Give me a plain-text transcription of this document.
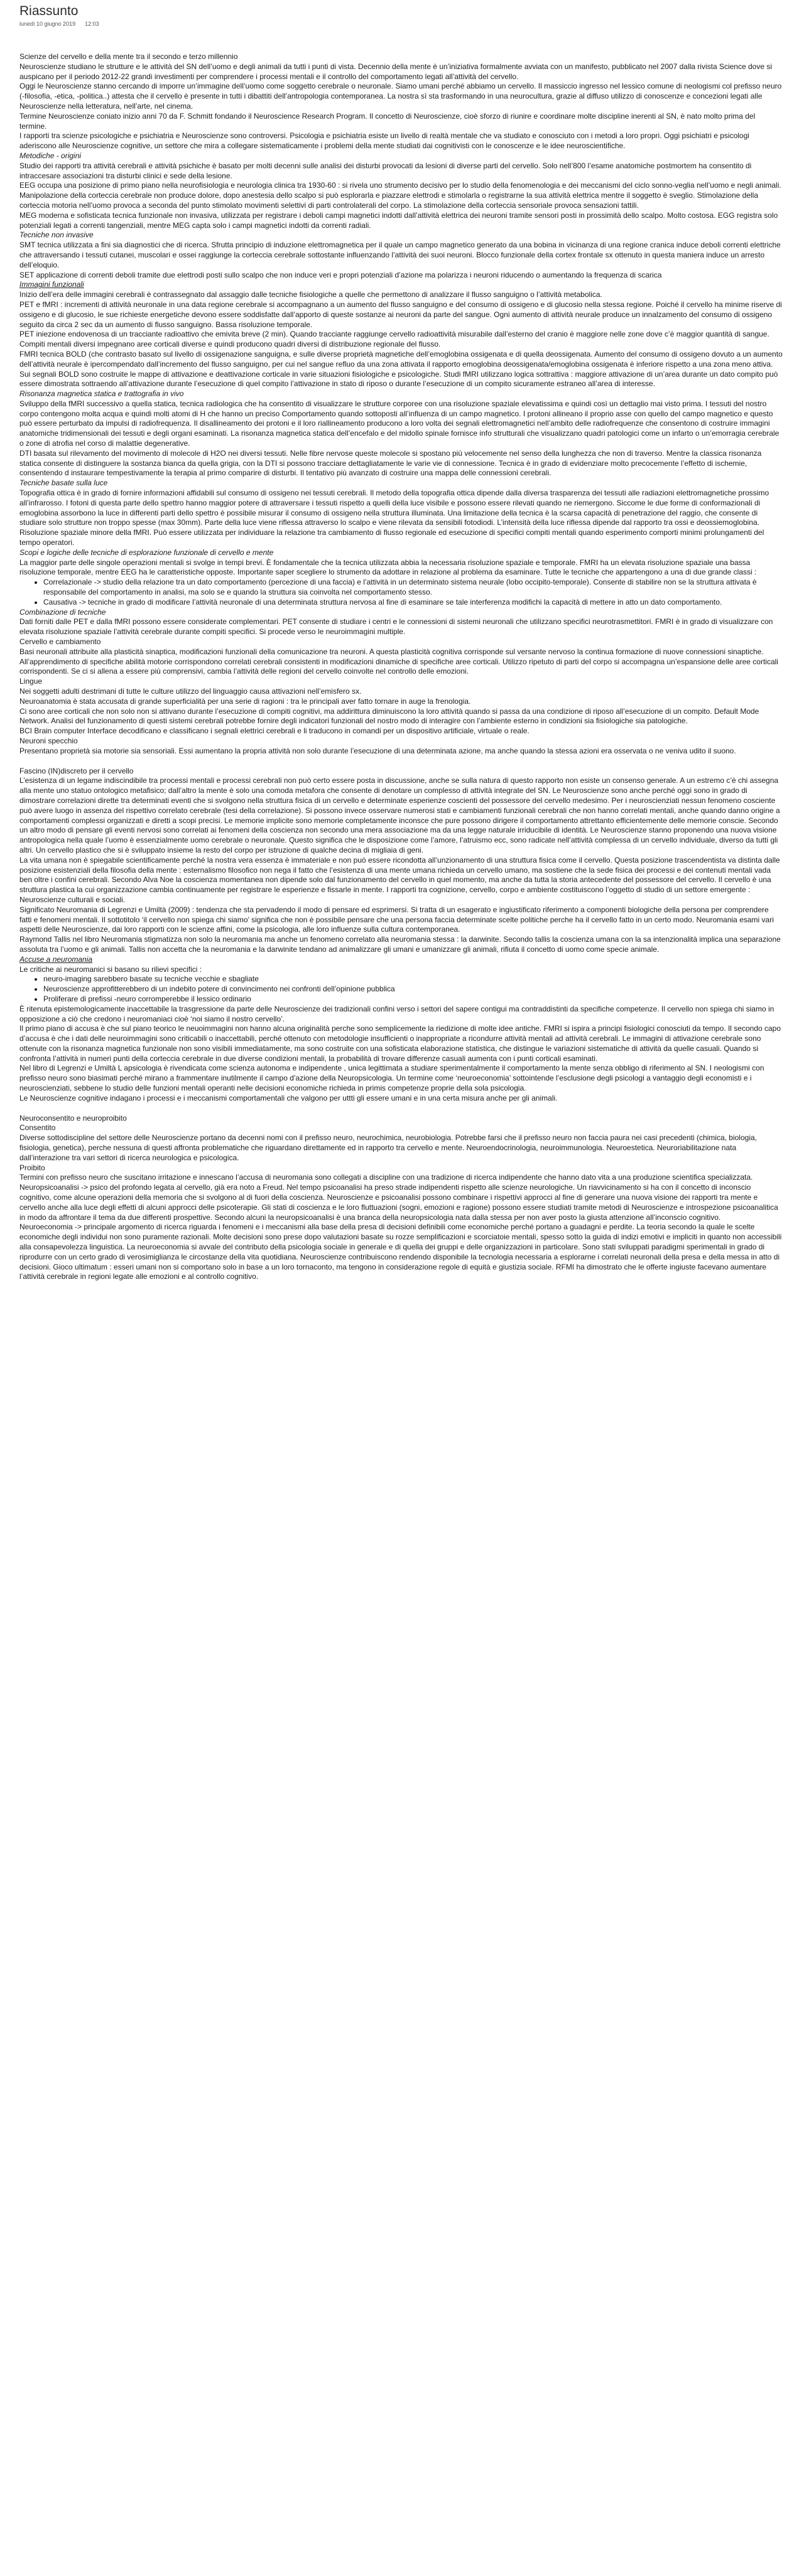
Riassunto
lunedì 10 giugno 2019 12:03

Scienze del cervello e della mente tra il secondo e terzo millennio

Neuroscienze studiano le strutture e le attività del SN dell’uomo e degli animali da tutti i punti di vista. Decennio della mente è un’iniziativa formalmente avviata con un manifesto, pubblicato nel 2007 dalla rivista Science dove si auspicano per il periodo 2012-22 grandi investimenti per comprendere i processi mentali e il controllo del comportamento legati all’attività del cervello.

Oggi le Neuroscienze stanno cercando di imporre un’immagine dell’uomo come soggetto cerebrale o neuronale. Siamo umani perché abbiamo un cervello. Il massiccio ingresso nel lessico comune di neologismi col prefisso neuro (-filosofia, -etica, -politica..) attesta che il cervello è presente in tutti i dibattiti dell’antropologia contemporanea. La nostra sì sta trasformando in una neurocultura, grazie al diffuso utilizzo di conoscenze e concezioni legati alle Neuroscienze nella letteratura, nell’arte, nel cinema.

Termine Neuroscienze coniato inizio anni 70 da F. Schmitt fondando il Neuroscience Research Program. Il concetto di Neuroscienze, cioè sforzo di riunire e coordinare molte discipline inerenti al SN, è nato molto prima del termine.

I rapporti tra scienze psicologiche e psichiatria e Neuroscienze sono controversi. Psicologia e psichiatria esiste un livello di realtà mentale che va studiato e conosciuto con i metodi a loro propri. Oggi psichiatri e psicologi aderiscono alle Neuroscienze cognitive, un settore che mira a collegare sistematicamente i problemi della mente studiati dai cognitivisti con le conoscenze e le idee neuroscientifiche.

Metodiche - origini

Studio dei rapporti tra attività cerebrali e attività psichiche è basato per molti decenni sulle analisi dei disturbi provocati da lesioni di diverse parti del cervello. Solo nell’800 l’esame anatomiche postmortem ha consentito di intraccesare associazioni tra disturbi clinici e sede della lesione.

EEG occupa una posizione di primo piano nella neurofisiologia e neurologia clinica tra 1930-60 : si rivela uno strumento decisivo per lo studio della fenomenologia e dei meccanismi del ciclo sonno-veglia nell’uomo e negli animali. Manipolazione della corteccia cerebrale non produce dolore, dopo anestesia dello scalpo si può esplorarla e piazzare elettrodi e stimolarla o registrarne la sua attività elettrica mentre il soggetto è sveglio. Stimolazione della corteccia motoria nell’uomo provoca a seconda del punto stimolato movimenti selettivi di parti controlaterali del corpo. La stimolazione della corteccia sensoriale provoca sensazioni tattili.

MEG moderna e sofisticata tecnica funzionale non invasiva, utilizzata per registrare i deboli campi magnetici indotti dall’attività elettrica dei neuroni tramite sensori posti in prossimità dello scalpo. Molto costosa. EGG registra solo potenziali legati a correnti tangenziali, mentre MEG capta solo i campi magnetici indotti da correnti radiali.

Tecniche non invasive

SMT tecnica utilizzata a fini sia diagnostici che di ricerca. Sfrutta principio di induzione elettromagnetica per il quale un campo magnetico generato da una bobina in vicinanza di una regione cranica induce deboli correnti elettriche che attraversando i tessuti cutanei, muscolari e ossei raggiunge la corteccia cerebrale sottostante influenzando l’attività dei suoi neuroni. Blocco funzionale della cortex frontale sx ottenuto in questa maniera induce un arresto dell’eloquio.

SET applicazione di correnti deboli tramite due elettrodi posti sullo scalpo che non induce veri e propri potenziali d’azione ma polarizza i neuroni riducendo o aumentando la frequenza di scarica

Immagini funzionali

Inizio dell’era delle immagini cerebrali è contrassegnato dal assaggio dalle tecniche fisiologiche a quelle che permettono di analizzare il flusso sanguigno o l’attività metabolica.

PET e fMRI : incrementi di attività neuronale in una data regione cerebrale si accompagnano a un aumento del flusso sanguigno e del consumo di ossigeno e di glucosio nella stessa regione. Poiché il cervello ha minime riserve di ossigeno e di glucosio, le sue richieste energetiche devono essere soddisfatte dall’apporto di queste sostanze ai neuroni da parte del sangue. Ogni aumento di attività neurale produce un innalzamento del consumo di ossigeno seguito da circa 2 sec da un aumento di flusso sanguigno. Bassa risoluzione temporale.

PET iniezione endovenosa di un tracciante radioattivo che emivita breve (2 min). Quando tracciante raggiunge cervello radioattività misurabile dall’esterno del cranio è maggiore nelle zone dove c’è maggior quantità di sangue. Compiti mentali diversi impegnano aree corticali diverse e quindi producono quadri diversi di distribuzione regionale del flusso.

FMRI tecnica BOLD (che contrasto basato sul livello di ossigenazione sanguigna, e sulle diverse proprietà magnetiche dell’emoglobina ossigenata e di quella deossigenata. Aumento del consumo di ossigeno dovuto a un aumento dell’attività neurale è ipercompendato dall’incremento del flusso sanguigno, per cui nel sangue refluo da una zona attivata il rapporto emoglobina deossigenata/emoglobina ossigenata è inferiore rispetto a una zona meno attiva. Sui segnali BOLD sono costruite le mappe di attivazione e deattivazione corticale in varie situazioni fisiologiche e psicologiche. Studi fMRI utilizzano logica sottrattiva : maggiore attivazione di un’area durante un dato compito può essere dimostrata sottraendo all’attivazione durante l’esecuzione di quel compito l’attivazione in stato di riposo o durante l’esecuzione di un compito sicuramente estraneo all’area di interesse.

Risonanza magnetica statica e trattografia in vivo

Sviluppo della fMRI successivo a quella statica, tecnica radiologica che ha consentito di visualizzare le strutture corporee con una risoluzione spaziale elevatissima e quindi così un dettaglio mai visto prima. I tessuti del nostro corpo contengono molta acqua e quindi molti atomi di H che hanno un preciso Comportamento quando sottoposti all’influenza di un campo magnetico. I protoni allineano il proprio asse con quello del campo magnetico e questo può essere perturbato da impulsi di radiofrequenza. Il disallineamento dei protoni e il loro riallineamento producono a loro volta dei segnali elettromagnetici nell’ambito delle radiofrequenze che consentono di costruire immagini anatomiche tridimensionali dei tessuti e degli organi esaminati. La risonanza magnetica statica dell’encefalo e del midollo spinale fornisce info strutturali che visualizzano quadri patologici come un infarto o un’emorragia cerebrale o zone di atrofia nel corso di malattie degenerative.

DTI basata sul rilevamento del movimento di molecole di H2O nei diversi tessuti. Nelle fibre nervose queste molecole si spostano più velocemente nel senso della lunghezza che non di traverso. Mentre la classica risonanza statica consente di distinguere la sostanza bianca da quella grigia, con la DTI si possono tracciare dettagliatamente le varie vie di connessione. Tecnica è in grado di evidenziare molto precocemente l’effetto di ischemie, consentendo d instaurare tempestivamente la terapia al primo comparire di disturbi. Il tentativo più avanzato di costruire una mappa delle connessioni cerebrali.

Tecniche basate sulla luce

Topografia ottica è in grado di fornire informazioni affidabili sul consumo di ossigeno nei tessuti cerebrali. Il metodo della topografia ottica dipende dalla diversa trasparenza dei tessuti alle radiazioni elettromagnetiche prossimo all’infrarosso. I fotoni di questa parte dello spettro hanno maggior potere di attraversare i tessuti rispetto a quelli della luce visibile e possono essere rilevati quando ne riemergono. Siccome le due forme di conformazionali di emoglobina assorbono la luce in differenti parti dello spettro è possibile misurar il consumo di ossigeno nella struttura illuminata. Una limitazione della tecnica è la scarsa capacità di penetrazione del raggio, che consente di studiare solo strutture non troppo spesse (max 30mm). Parte della luce viene riflessa attraverso lo scalpo e viene rilevata da sensibili fotodiodi. L’intensità della luce riflessa dipende dal rapporto tra ossi e deossiemoglobina. Risoluzione spaziale minore della fMRI. Può essere utilizzata per individuare la relazione tra cambiamento di flusso regionale ed esecuzione di specifici compiti mentali quando esperimento comporti minimi prolungamenti del tempo operatori.

Scopi e logiche delle tecniche di esplorazione funzionale di cervello e mente

La maggior parte delle singole operazioni mentali si svolge in tempi brevi. È fondamentale che la tecnica utilizzata abbia la necessaria risoluzione spaziale e temporale. FMRI ha un elevata risoluzione spaziale una bassa risoluzione temporale, mentre EEG ha le caratteristiche opposte. Importante saper scegliere lo strumento da adottare in relazione al problema da esaminare. Tutte le tecniche che appartengono a una di due grande classi :

• Correlazionale -> studio della relazione tra un dato comportamento (percezione di una faccia) e l’attività in un determinato sistema neurale (lobo occipito-temporale). Consente di stabilire non se la struttura attivata è responsabile del comportamento in analisi, ma solo se e quando la struttura sia coinvolta nel comportamento stesso.
• Causativa -> tecniche in grado di modificare l’attività neuronale di una determinata struttura nervosa al fine di esaminare se tale interferenza modifichi la capacità di mettere in atto un dato comportamento.

Combinazione di tecniche

Dati forniti dalle PET e dalla fMRI possono essere considerate complementari. PET consente di studiare i centri e le connessioni di sistemi neuronali che utilizzano specifici neurotrasmettitori. FMRI è in grado di visualizzare con elevata risoluzione spaziale l’attività cerebrale durante compiti specifici. Si procede verso le neuroimmagini multiple.

Cervello e cambiamento

Basi neuronali attribuite alla plasticità sinaptica, modificazioni funzionali della comunicazione tra neuroni. A questa plasticità cognitiva corrisponde sul versante nervoso la continua formazione di nuove connessioni sinaptiche. All’apprendimento di specifiche abilità motorie corrispondono correlati cerebrali consistenti in modificazioni dinamiche di specifiche aree corticali. Utilizzo ripetuto di parti del corpo si accompagna un’espansione delle aree corticali corrispondenti. Se ci si allena a essere più comprensivi, cambia l’attività delle regioni del cervello coinvolte nel controllo delle emozioni.

Lingue

Nei soggetti adulti destrimani di tutte le culture utilizzo del linguaggio causa attivazioni nell’emisfero sx.

Neuroanatomia è stata accusata di grande superficialità per una serie di ragioni : tra le principali aver fatto tornare in auge la frenologia.

Ci sono aree corticali che non solo non si attivano durante l’esecuzione di compiti cognitivi, ma addirittura diminuiscono la loro attività quando si passa da una condizione di riposo all’esecuzione di un compito. Default Mode Network. Analisi del funzionamento di questi sistemi cerebrali potrebbe fornire degli indicatori funzionali del nostro modo di interagire con l’ambiente esterno in condizioni sia fisiologiche sia patologiche.

BCI Brain computer Interface decodificano e classificano i segnali elettrici cerebrali e li traducono in comandi per un dispositivo artificiale, virtuale o reale.

Neuroni specchio

Presentano proprietà sia motorie sia sensoriali. Essi aumentano la propria attività non solo durante l’esecuzione di una determinata azione, ma anche quando la stessa azioni era osservata o ne veniva udito il suono.

Fascino (IN)discreto per il cervello

L’esistenza di un legame indiscindibile tra processi mentali e processi cerebrali non può certo essere posta in discussione, anche se sulla natura di questo rapporto non esiste un consenso generale. A un estremo c’è chi assegna alla mente uno statuo ontologico metafisico; dall’altro la mente è solo una comoda metafora che consente di denotare un complesso di attività integrate del SN. Le Neuroscienze sono anche perché oggi sono in grado di dimostrare correlazioni dirette tra determinati eventi che si svolgono nella struttura fisica di un cervello e determinate esperienze coscienti del possessore del cervello medesimo. Per i neuroscienziati nessun fenomeno cosciente può avere luogo in assenza del rispettivo correlato cerebrale (tesi della correlazione). Si possono invece osservare numerosi stati e cambiamenti funzionali cerebrali che non hanno correlati mentali, anche quando danno origine a comportamenti complessi organizzati e diretti a scopi precisi. Le memorie implicite sono memorie completamente inconsce che pure possono dirigere il comportamento attrettanto efficientemente delle memorie conscie. Secondo un altro modo di pensare gli eventi nervosi sono correlati ai fenomeni della coscienza non secondo una mera associazione ma da una legge naturale irriducibile di identità. Le Neuroscienze stanno proponendo una nuova visione antropologica nella quale l’uomo è essenzialmente uomo cerebrale o neuronale. Questo significa che le disposizione come l’amore, l’atruismo ecc, sono radicate nell’attività complessa di un cervello individuale, diverso da tutti gli altri. Un cervello plastico che si è sviluppato insieme la resto del corpo per istruzione di qualche decina di migliaia di geni.

La vita umana non è spiegabile scientificamente perché la nostra vera essenza è immateriale e non può essere ricondotta all’unzionamento di una struttura fisica come il cervello. Questa posizione trascendentista va distinta dalle posizione esistenziali della filosofia della mente : esternalismo filosofico non nega il fatto che l’esistenza di una mente umana richieda un cervello umano, ma sostiene che la sede fisica dei processi e dei contenuti mentali vada ben oltre i confini cerebrali. Secondo Alva Noe la coscienza momentanea non dipende solo dal funzionamento del cervello in quel momento, ma anche da tutta la storia antecedente del possessore del cervello. Il cervello è una struttura plastica la cui organizzazione cambia continuamente per registrare le esperienze e fissarle in mente. I rapporti tra cognizione, cervello, corpo e ambiente costituiscono l’oggetto di studio di un settore emergente : Neuroscienze culturali e sociali.

Significato Neuromania di Legrenzi e Umiltà (2009) : tendenza che sta pervadendo il modo di pensare ed esprimersi. Si tratta di un esagerato e ingiustificato riferimento a componenti biologiche della persona per comprendere fatti e fenomeni mentali. Il sottotitolo ‘il cervello non spiega chi siamo’ significa che non è possibile pensare che una persona faccia determinate scelte politiche perche ha il cervello fatto in un certo modo. Neuromania esami vari aspetti delle Neuroscienze, dai loro rapporti con le scienze affini, come la psicologia, alle loro influenze sulla cultura contemporanea.

Raymond Tallis nel libro Neuromania stigmatizza non solo la neuromania ma anche un fenomeno correlato alla neuromania stessa : la darwinite. Secondo tallis la coscienza umana con la sa intenzionalità implica una separazione assoluta tra l’uomo e gli animali. Tallis non accetta che la neuromania e la darwinite tendano ad animalizzare gli umani e umanizzare gli animali, rifiuta il concetto di uomo come specie animale.

Accuse a neuromania

Le critiche ai neuromanici si basano su rilievi specifici :

• neuro-imaging sarebbero basate su tecniche vecchie e sbagliate
• Neuroscienze approfitterebbero di un indebito potere di convincimento nei confronti dell’opinione pubblica
• Proliferare di prefissi -neuro corromperebbe il lessico ordinario

È ritenuta epistemologicamente inaccettabile la trasgressione da parte delle Neuroscienze dei tradizionali confini verso i settori del sapere contigui ma contraddistinti da specifiche competenze. Il cervello non spiega chi siamo in opposizione a ciò che credono i neuromaniaci cioè ‘noi siamo il nostro cervello’.

Il primo piano di accusa è che sul piano teorico le neuoimmagini non hanno alcuna originalità perche sono semplicemente la riedizione di molte idee antiche. FMRI si ispira a principi fisiologici conosciuti da tempo. Il secondo capo d’accusa è che i dati delle neuroimmagini sono criticabili o inaccettabili, perché ottenuto con metodologie insufficienti o inappropriate a ricondurre attività mentali ad attività cerebrali. Le immagini di attivazione cerebrale sono ottenute con la risonanza magnetica funzionale non sono visibili immediatamente, ma sono costruite con una sofisticata elaborazione statistica, che distingue le variazioni sistematiche di attività da quelle casuali. Quando si confronta l’attività in numeri punti della corteccia cerebrale in due diverse condizioni mentali, la probabilità di trovare differenze casuali aumenta con i punti corticali esaminati.

Nel libro di Legrenzi e Umiltà L apsicologia è rivendicata come scienza autonoma e indipendente , unica legittimata a studiare sperimentalmente il comportamento la mente senza obbligo di riferimento al SN. I neologismi con prefisso neuro sono biasimati perché mirano a frammentare inutilmente il campo d’azione della Neuropsicologia. Un termine come ‘neuroeconomia’ sottointende l’esclusione degli psicologi a vantaggio degli economisti e i neuroscienziati, sebbene lo studio delle funzioni mentali operanti nelle decisioni economiche richieda in primis competenze proprie della sola psicologia.

Le Neuroscienze cognitive indagano i processi e i meccanismi comportamentali che valgono per uttti gli essere umani e in una certa misura anche per gli animali.

Neuroconsentito e neuroproibito

Consentito

Diverse sottodiscipline del settore delle Neuroscienze portano da decenni nomi con il prefisso neuro, neurochimica, neurobiologia. Potrebbe farsi che il prefisso neuro non faccia paura nei casi precedenti (chimica, biologia, fisiologia, genetica), perche nessuna di questi affronta problematiche che riguardano direttamente ed in rapporto tra cervello e mente. Neuroendocrinologia, neuroimmunologia. Neuroestetica. Neuroriabilitazione nata dall’interazione tra vari settori di ricerca neurologica e psicologica.

Proibito

Termini con prefisso neuro che suscitano irritazione e innescano l’accusa di neuromania sono collegati a discipline con una tradizione di ricerca indipendente che hanno dato vita a una produzione scientifica specializzata.

Neuropsicoanalisi -> psico del profondo legata al cervello, già era noto a Freud. Nel tempo psicoanalisi ha preso strade indipendenti rispetto alle scienze neurologiche. Un riavvicinamento si ha con il concetto di inconscio cognitivo, come alcune operazioni della memoria che si svolgono al di fuori della coscienza. Neuroscienze e psicoanalisi possono combinare i rispettivi approcci al fine di generare una nuova visione dei rapporti tra mente e cervello anche alla luce degli effetti di alcuni approcci delle psicoterapie. Gli stati di coscienza e le loro fluttuazioni (sogni, emozioni e ragione) possono essere studiati tramite metodi di Neuroscienze e introspezione psicoanalitica in modo da affrontare il tema da due differenti prospettive. Secondo alcuni la neuropsicoanalisi è una branca della neuropsicologia nata dalla stessa per non aver posto la giusta attenzione all’inconscio cognitivo.

Neuroeconomia -> principale argomento di ricerca riguarda i fenomeni e i meccanismi alla base della presa di decisioni definibili come economiche perché portano a guadagni e perdite. La teoria secondo la quale le scelte economiche degli individui non sono puramente razionali. Molte decisioni sono prese dopo valutazioni basate su rozze semplificazioni e scorciatoie mentali, spesso sotto la guida di indizi emotivi e impliciti in quanto non accessibili alla consapevolezza linguistica. La neuroeconomia si avvale del contributo della psicologia sociale in generale e di quella dei gruppi e delle organizzazioni in particolare. Sono stati sviluppati paradigmi sperimentali in grado di riprodurre con un certo grado di verosimiglianza le circostanze della vita quotidiana. Neuroscienze contribuiscono rendendo disponibile la tecnologia necessaria a esplorarne i correlati neuronali della presa e della messa in atto di decisioni. Gioco ultimatum : esseri umani non si comportano solo in base a un loro tornaconto, ma tengono in considerazione regole di equità e giustizia sociale. RFMI ha dimostrato che le offerte ingiuste facevano aumentare l’attività cerebrale in regioni legate alle emozioni e al controllo cognitivo.
